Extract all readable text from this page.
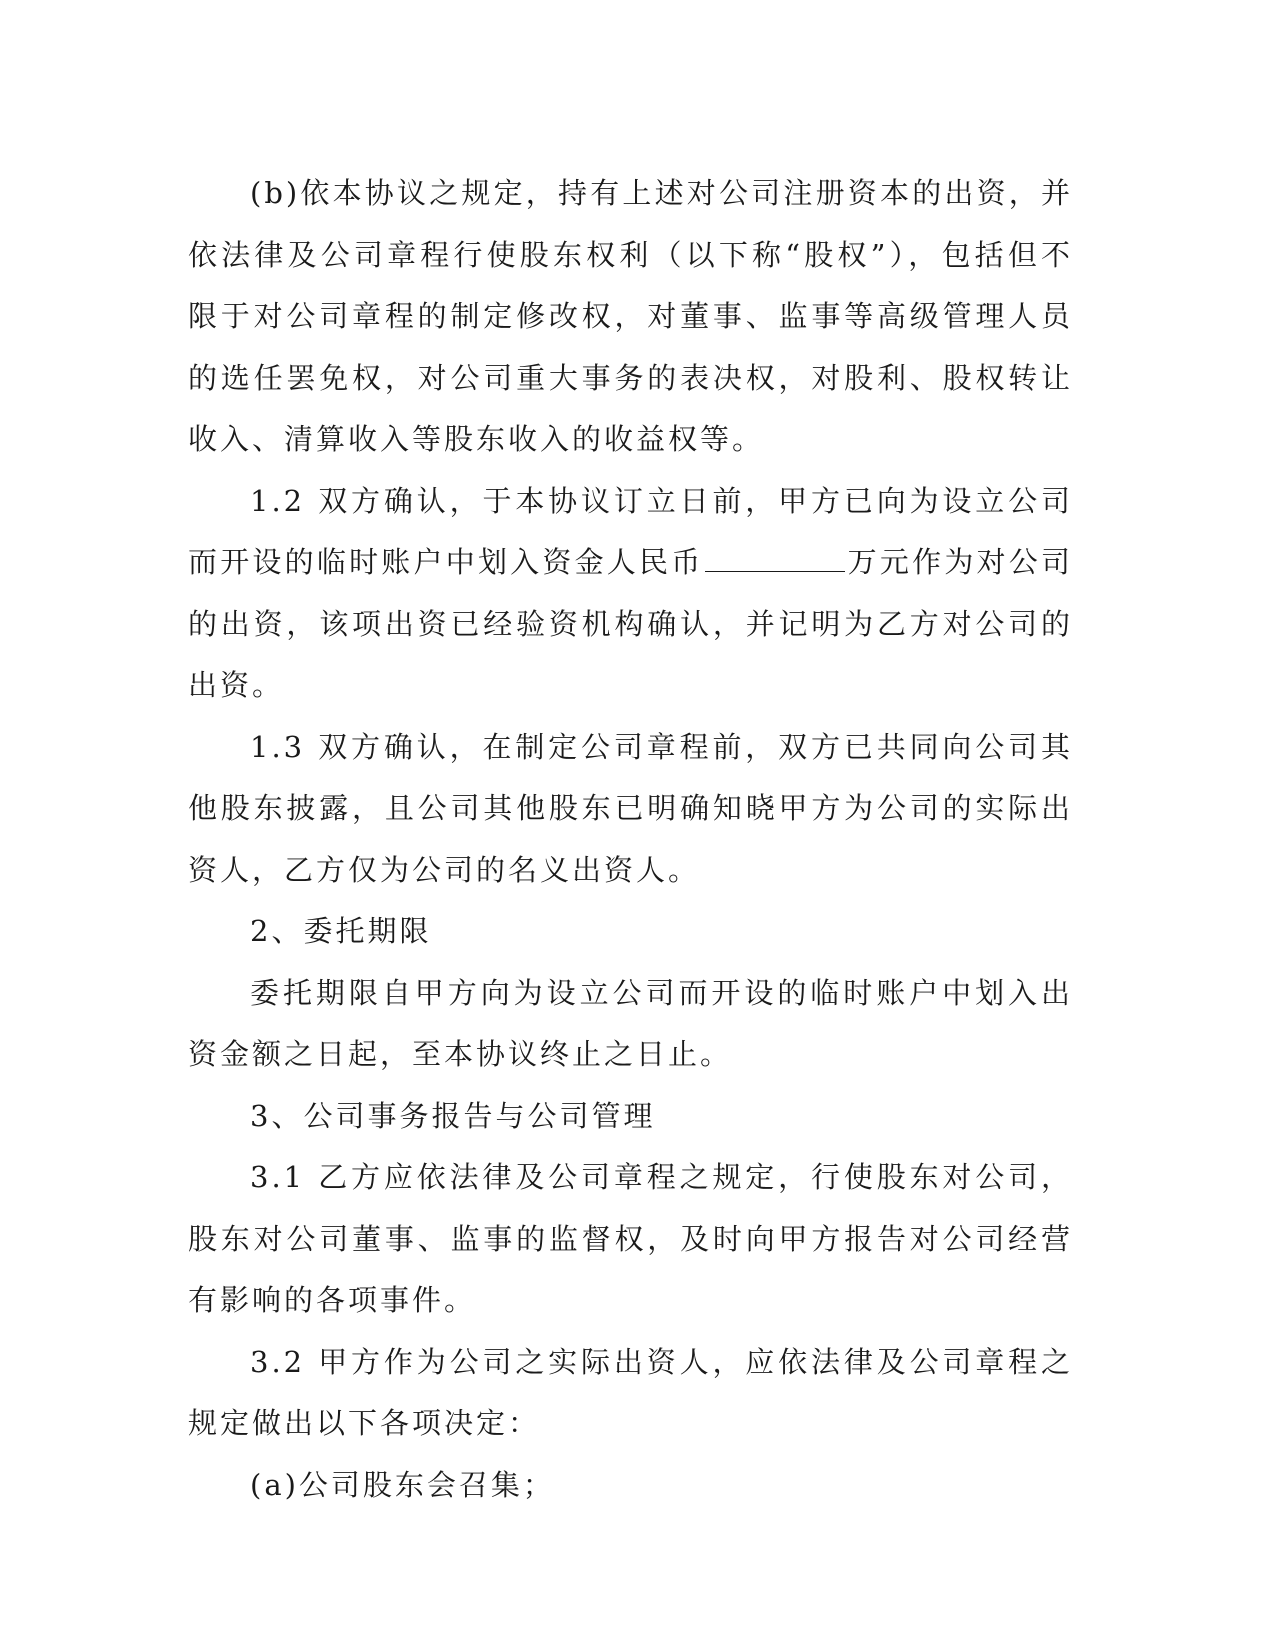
(b)依本协议之规定，持有上述对公司注册资本的出资，并依法律及公司章程行使股东权利（以下称“股权”），包括但不限于对公司章程的制定修改权，对董事、监事等高级管理人员的选任罢免权，对公司重大事务的表决权，对股利、股权转让收入、清算收入等股东收入的收益权等。

1.2 双方确认，于本协议订立日前，甲方已向为设立公司而开设的临时账户中划入资金人民币	万元作为对公司的出资，该项出资已经验资机构确认，并记明为乙方对公司的出资。

1.3 双方确认，在制定公司章程前，双方已共同向公司其他股东披露，且公司其他股东已明确知晓甲方为公司的实际出资人，乙方仅为公司的名义出资人。

2、委托期限

委托期限自甲方向为设立公司而开设的临时账户中划入出资金额之日起，至本协议终止之日止。

3、公司事务报告与公司管理

3.1 乙方应依法律及公司章程之规定，行使股东对公司，股东对公司董事、监事的监督权，及时向甲方报告对公司经营有影响的各项事件。

3.2 甲方作为公司之实际出资人，应依法律及公司章程之规定做出以下各项决定：

(a)公司股东会召集；
